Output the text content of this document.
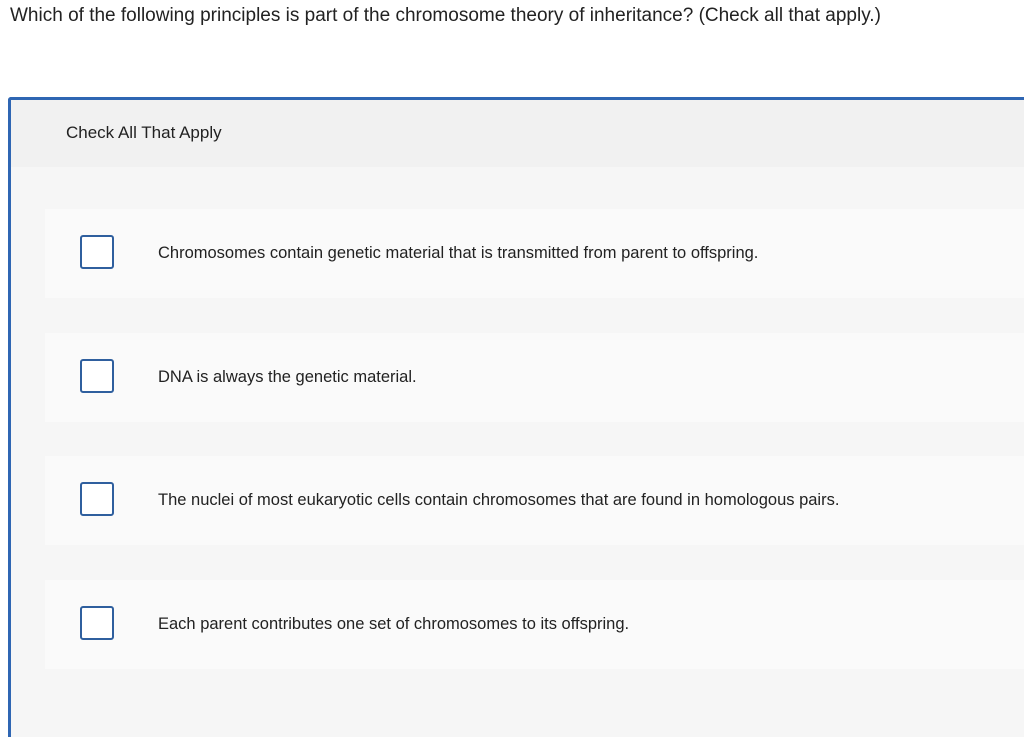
Which of the following principles is part of the chromosome theory of inheritance? (Check all that apply.)
Check All That Apply
Chromosomes contain genetic material that is transmitted from parent to offspring.
DNA is always the genetic material.
The nuclei of most eukaryotic cells contain chromosomes that are found in homologous pairs.
Each parent contributes one set of chromosomes to its offspring.
